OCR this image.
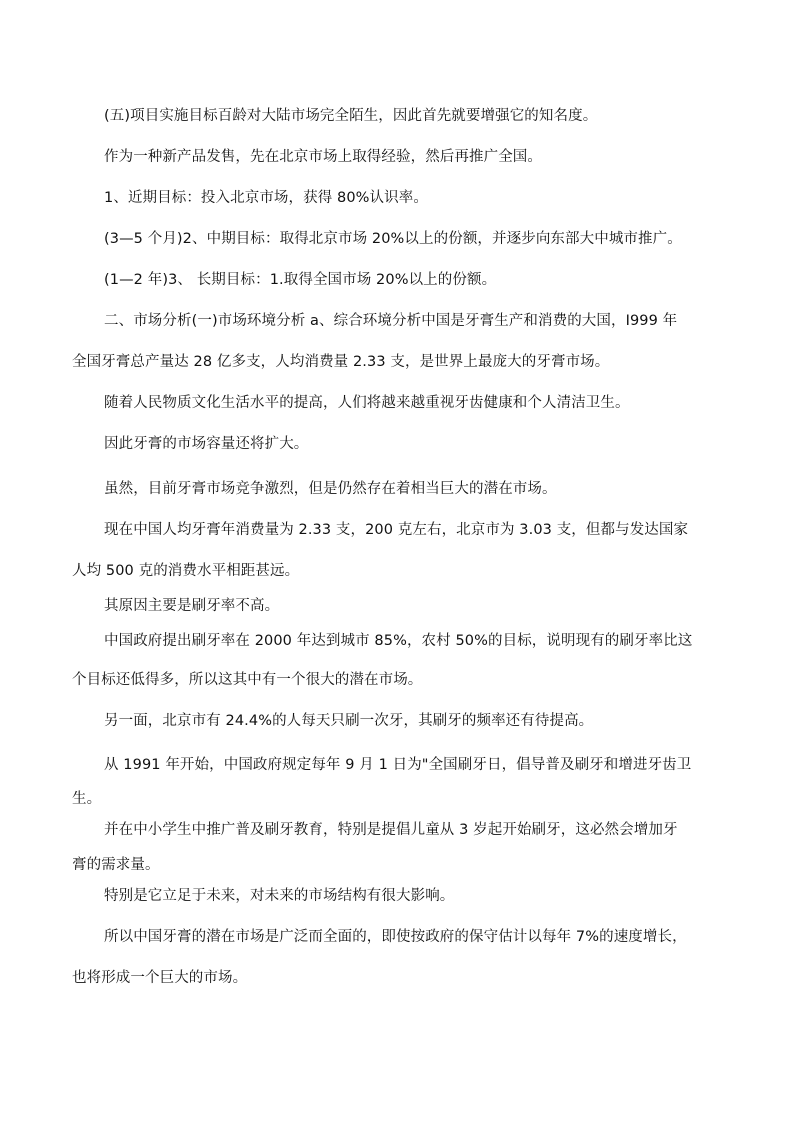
(五)项目实施目标百龄对大陆市场完全陌生，因此首先就要增强它的知名度。
作为一种新产品发售，先在北京市场上取得经验，然后再推广全国。
1、近期目标：投入北京市场，获得 80%认识率。
(3—5 个月)2、中期目标：取得北京市场 20%以上的份额，并逐步向东部大中城市推广。
(1—2 年)3、 长期目标：1.取得全国市场 20%以上的份额。
二、市场分析(一)市场环境分析 a、综合环境分析中国是牙膏生产和消费的大国，I999 年
全国牙膏总产量达 28 亿多支，人均消费量 2.33 支，是世界上最庞大的牙膏市场。
随着人民物质文化生活水平的提高，人们将越来越重视牙齿健康和个人清洁卫生。
因此牙膏的市场容量还将扩大。
虽然，目前牙膏市场竞争激烈，但是仍然存在着相当巨大的潜在市场。
现在中国人均牙膏年消费量为 2.33 支，200 克左右，北京市为 3.03 支，但都与发达国家
人均 500 克的消费水平相距甚远。
其原因主要是刷牙率不高。
中国政府提出刷牙率在 2000 年达到城市 85%，农村 50%的目标，说明现有的刷牙率比这
个目标还低得多，所以这其中有一个很大的潜在市场。
另一面，北京市有 24.4%的人每天只刷一次牙，其刷牙的频率还有待提高。
从 1991 年开始，中国政府规定每年 9 月 1 日为"全国刷牙日，倡导普及刷牙和增进牙齿卫
生。
并在中小学生中推广普及刷牙教育，特别是提倡儿童从 3 岁起开始刷牙，这必然会增加牙
膏的需求量。
特别是它立足于未来，对未来的市场结构有很大影响。
所以中国牙膏的潜在市场是广泛而全面的，即使按政府的保守估计以每年 7%的速度增长，
也将形成一个巨大的市场。
